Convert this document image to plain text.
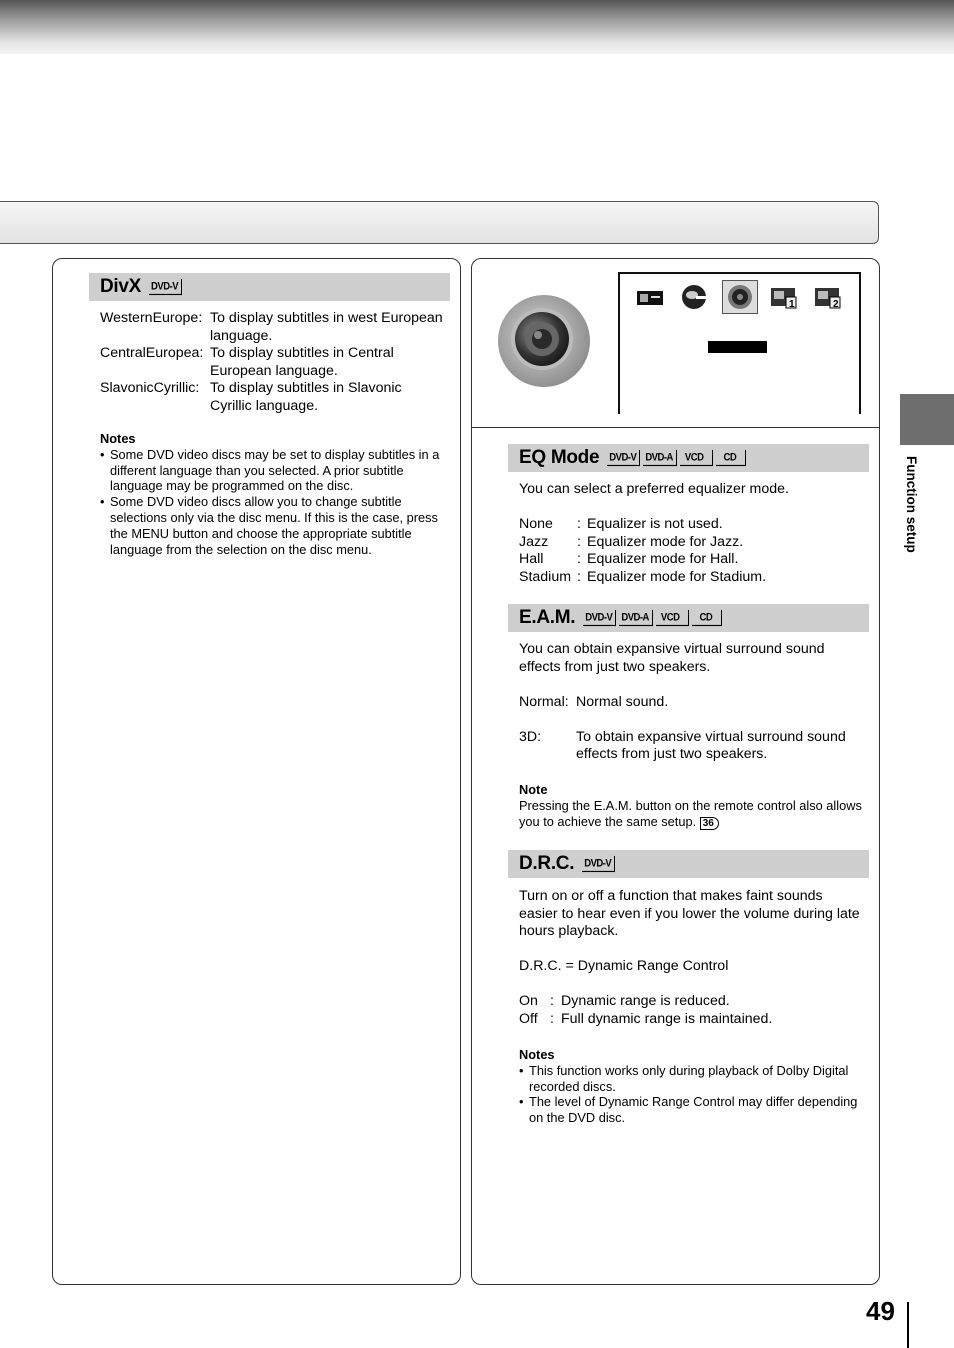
Function setup
DivX DVD-V
WesternEurope: To display subtitles in west European language.
CentralEuropea: To display subtitles in Central European language.
SlavonicCyrillic: To display subtitles in Slavonic Cyrillic language.
Notes
• Some DVD video discs may be set to display subtitles in a different language than you selected. A prior subtitle language may be programmed on the disc.
• Some DVD video discs allow you to change subtitle selections only via the disc menu. If this is the case, press the MENU button and choose the appropriate subtitle language from the selection on the disc menu.
1	2
EQ Mode DVD-V DVD-A	VCD	CD
You can select a preferred equalizer mode.
None	: Equalizer is not used.
Jazz	: Equalizer mode for Jazz.
Hall	: Equalizer mode for Hall.
Stadium : Equalizer mode for Stadium.
E.A.M. DVD-V DVD-A	VCD	CD
You can obtain expansive virtual surround sound effects from just two speakers.
Normal: Normal sound.
3D:	To obtain expansive virtual surround sound effects from just two speakers.
Note
Pressing the E.A.M. button on the remote control also allows you to achieve the same setup. 36
D.R.C. DVD-V
Turn on or off a function that makes faint sounds easier to hear even if you lower the volume during late hours playback.
D.R.C. = Dynamic Range Control
On : Dynamic range is reduced.
Off : Full dynamic range is maintained.
Notes
• This function works only during playback of Dolby Digital recorded discs.
• The level of Dynamic Range Control may differ depending on the DVD disc.
49
